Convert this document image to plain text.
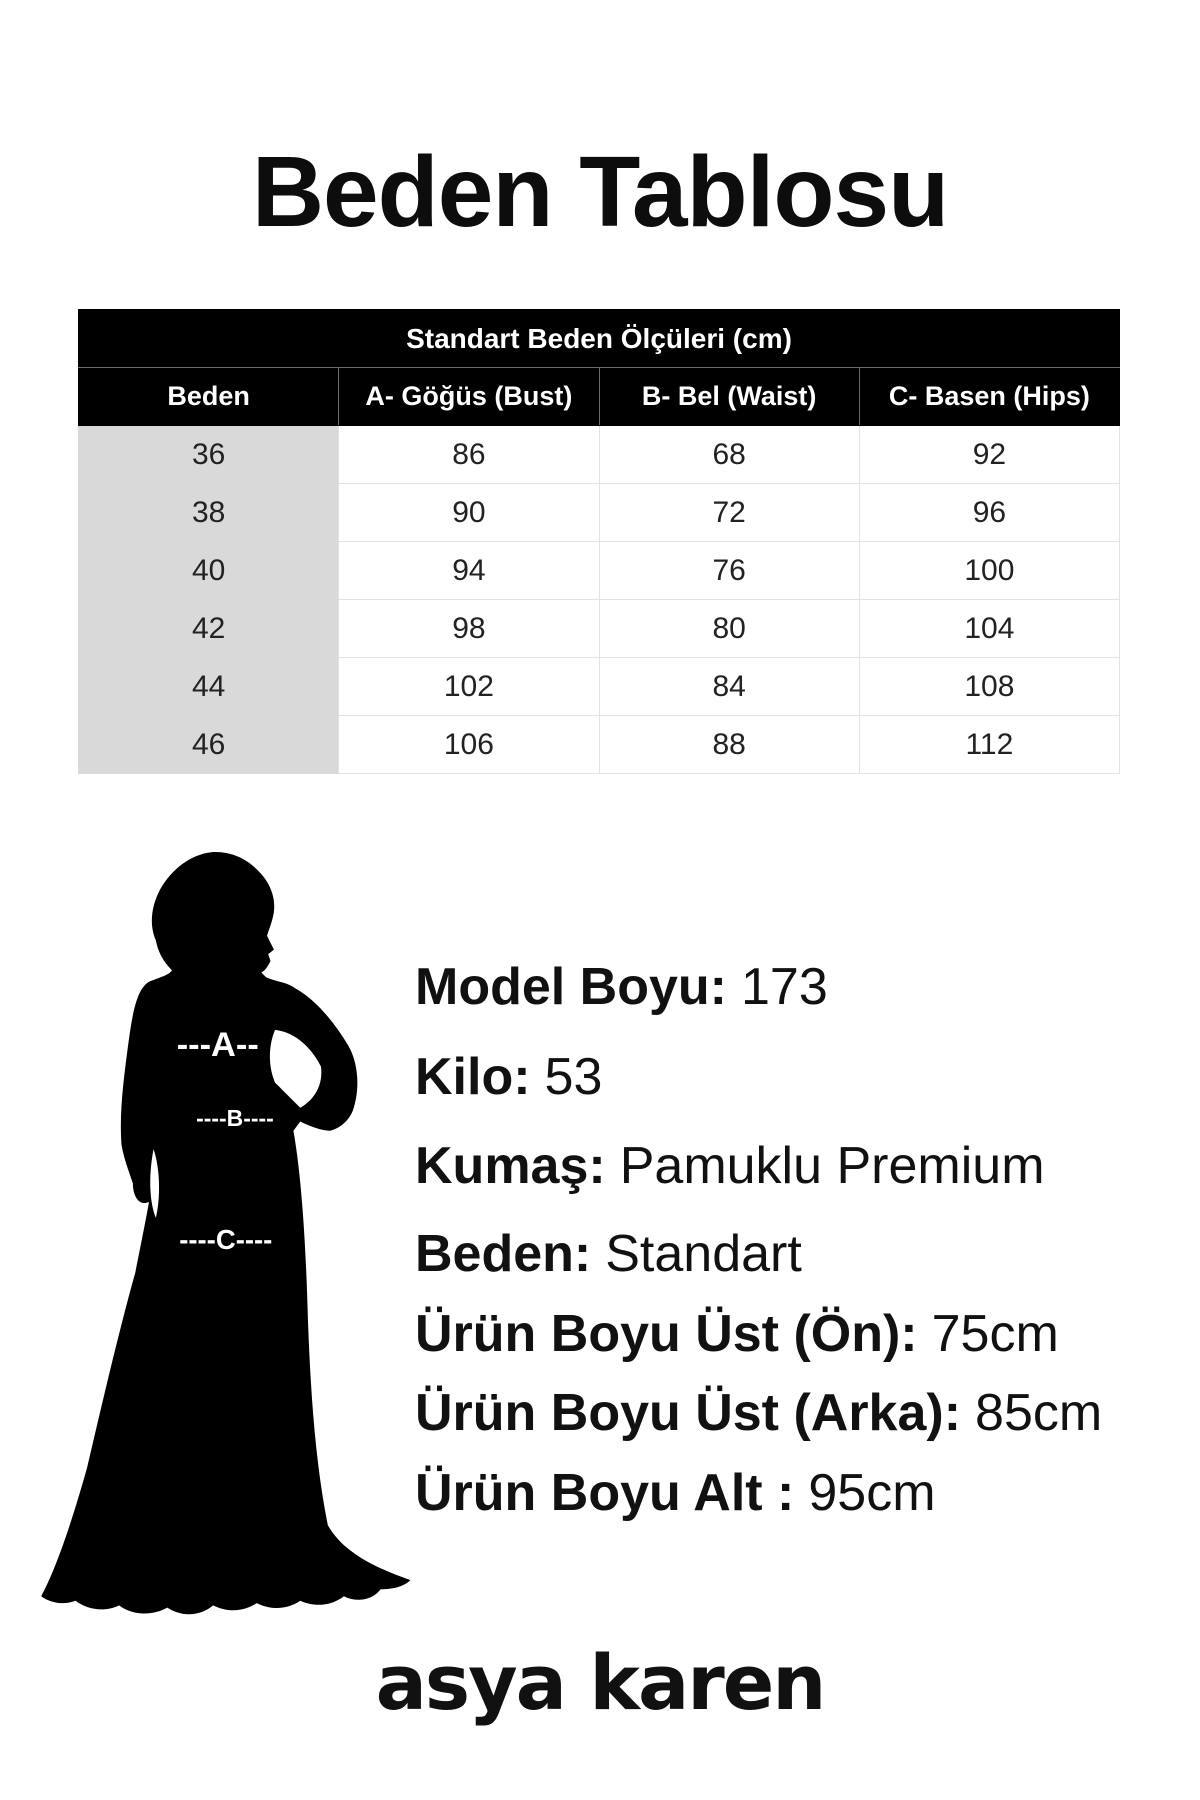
Beden Tablosu
Standart Beden Ölçüleri (cm)			
Beden	A- Göğüs (Bust)	B- Bel (Waist)	C- Basen (Hips)
36	86	68	92
38	90	72	96
40	94	76	100
42	98	80	104
44	102	84	108
46	106	88	112
---A--
----B----
----C----
Model Boyu: 173
Kilo: 53
Kumaş: Pamuklu Premium
Beden: Standart
Ürün Boyu Üst (Ön): 75cm
Ürün Boyu Üst (Arka): 85cm
Ürün Boyu Alt : 95cm
asya karen
